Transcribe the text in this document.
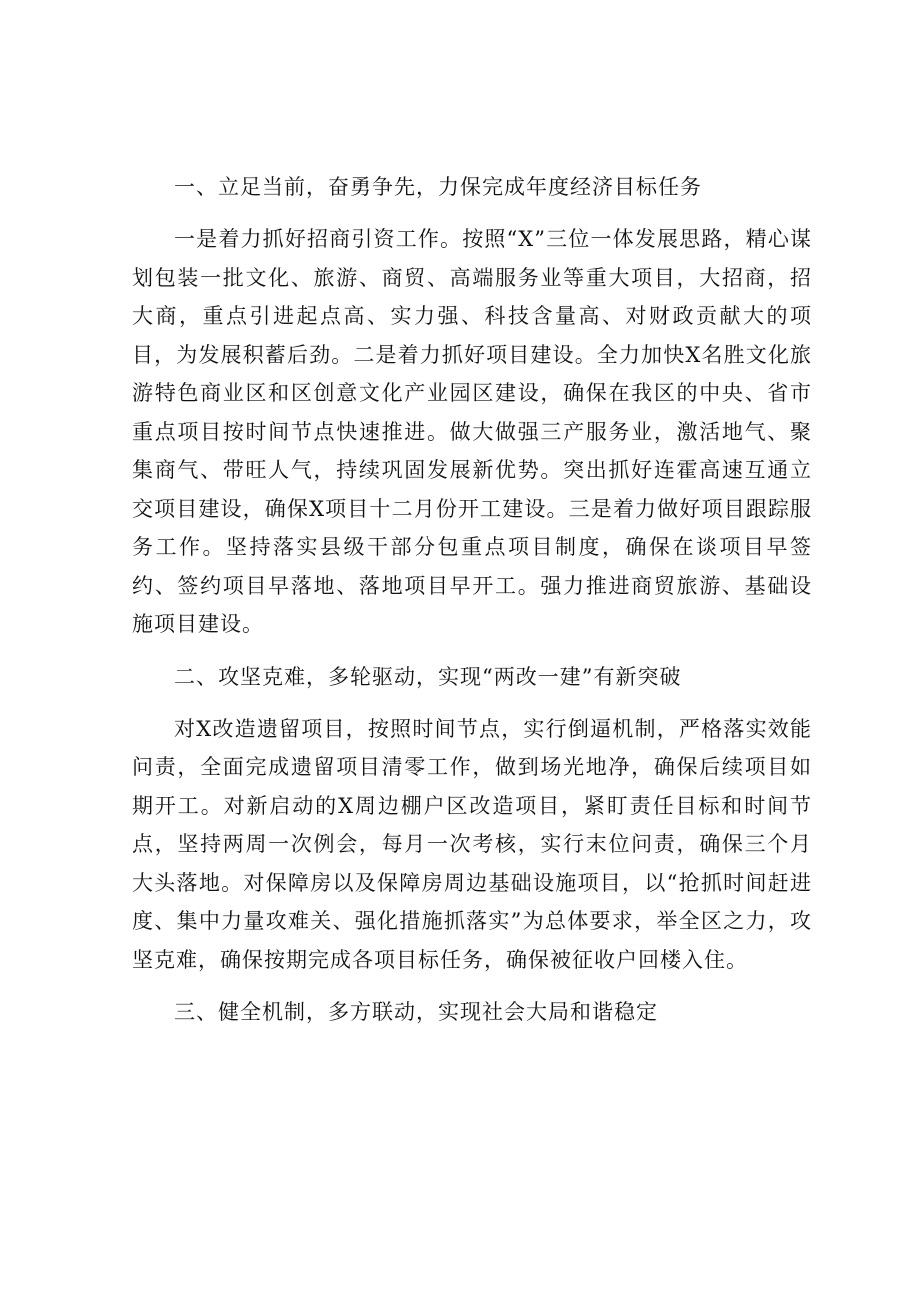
一、立足当前，奋勇争先，力保完成年度经济目标任务

一是着力抓好招商引资工作。按照“X”三位一体发展思路，精心谋划包装一批文化、旅游、商贸、高端服务业等重大项目，大招商，招大商，重点引进起点高、实力强、科技含量高、对财政贡献大的项目，为发展积蓄后劲。二是着力抓好项目建设。全力加快X名胜文化旅游特色商业区和区创意文化产业园区建设，确保在我区的中央、省市重点项目按时间节点快速推进。做大做强三产服务业，激活地气、聚集商气、带旺人气，持续巩固发展新优势。突出抓好连霍高速互通立交项目建设，确保X项目十二月份开工建设。三是着力做好项目跟踪服务工作。坚持落实县级干部分包重点项目制度，确保在谈项目早签约、签约项目早落地、落地项目早开工。强力推进商贸旅游、基础设施项目建设。

二、攻坚克难，多轮驱动，实现“两改一建”有新突破

对X改造遗留项目，按照时间节点，实行倒逼机制，严格落实效能问责，全面完成遗留项目清零工作，做到场光地净，确保后续项目如期开工。对新启动的X周边棚户区改造项目，紧盯责任目标和时间节点，坚持两周一次例会，每月一次考核，实行末位问责，确保三个月大头落地。对保障房以及保障房周边基础设施项目，以“抢抓时间赶进度、集中力量攻难关、强化措施抓落实”为总体要求，举全区之力，攻坚克难，确保按期完成各项目标任务，确保被征收户回楼入住。

三、健全机制，多方联动，实现社会大局和谐稳定
